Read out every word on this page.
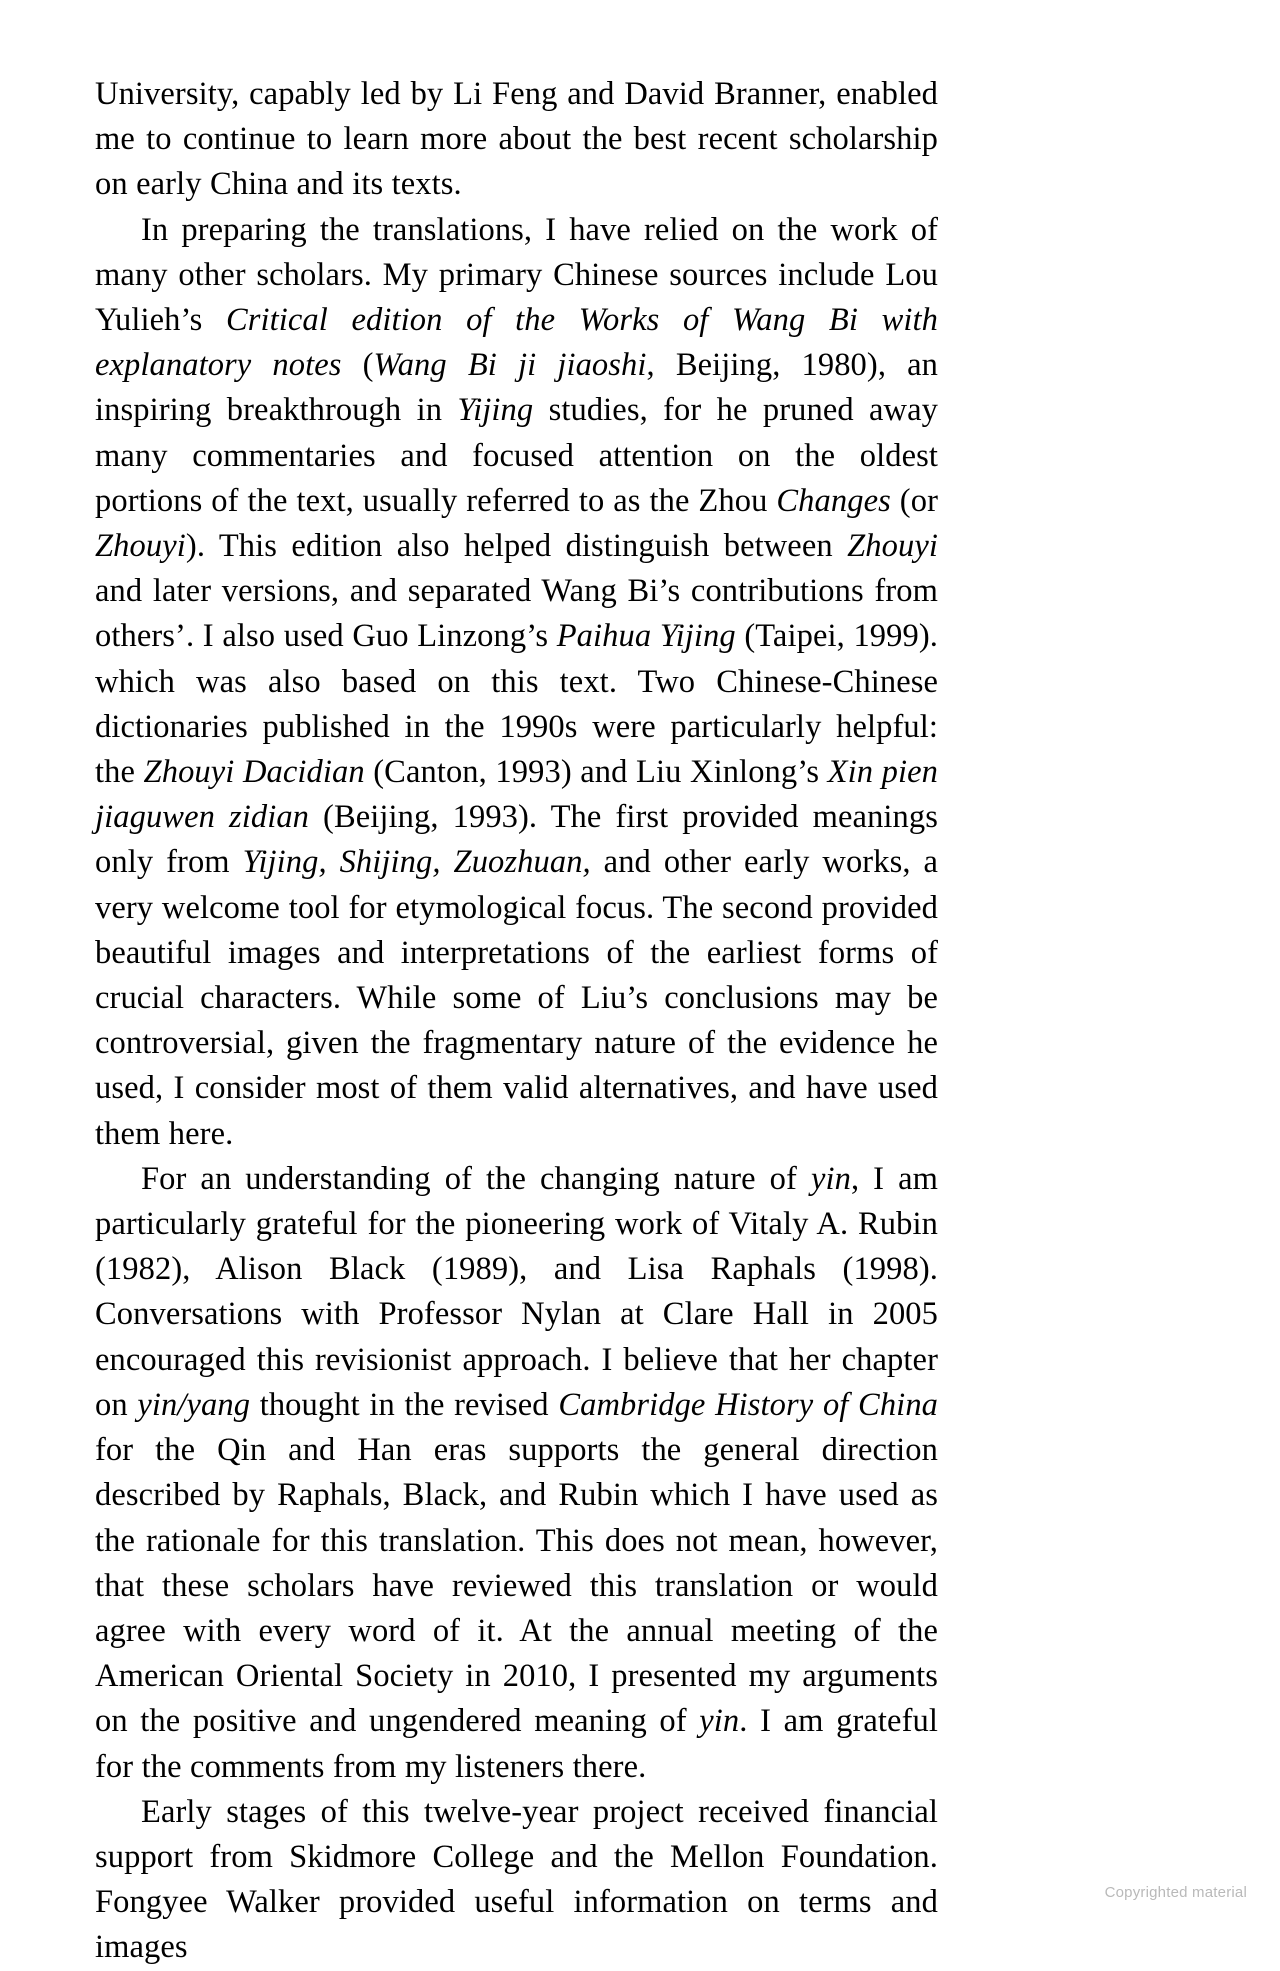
University, capably led by Li Feng and David Branner, enabled me to continue to learn more about the best recent scholarship on early China and its texts.

In preparing the translations, I have relied on the work of many other scholars. My primary Chinese sources include Lou Yulieh’s Critical edition of the Works of Wang Bi with explanatory notes (Wang Bi ji jiaoshi, Beijing, 1980), an inspiring breakthrough in Yijing studies, for he pruned away many commentaries and focused attention on the oldest portions of the text, usually referred to as the Zhou Changes (or Zhouyi). This edition also helped distinguish between Zhouyi and later versions, and separated Wang Bi’s contributions from others’. I also used Guo Linzong’s Paihua Yijing (Taipei, 1999). which was also based on this text. Two Chinese-Chinese dictionaries published in the 1990s were particularly helpful: the Zhouyi Dacidian (Canton, 1993) and Liu Xinlong’s Xin pien jiaguwen zidian (Beijing, 1993). The first provided meanings only from Yijing, Shijing, Zuozhuan, and other early works, a very welcome tool for etymological focus. The second provided beautiful images and interpretations of the earliest forms of crucial characters. While some of Liu’s conclusions may be controversial, given the fragmentary nature of the evidence he used, I consider most of them valid alternatives, and have used them here.

For an understanding of the changing nature of yin, I am particularly grateful for the pioneering work of Vitaly A. Rubin (1982), Alison Black (1989), and Lisa Raphals (1998). Conversations with Professor Nylan at Clare Hall in 2005 encouraged this revisionist approach. I believe that her chapter on yin/yang thought in the revised Cambridge History of China for the Qin and Han eras supports the general direction described by Raphals, Black, and Rubin which I have used as the rationale for this translation. This does not mean, however, that these scholars have reviewed this translation or would agree with every word of it. At the annual meeting of the American Oriental Society in 2010, I presented my arguments on the positive and ungendered meaning of yin. I am grateful for the comments from my listeners there.

Early stages of this twelve-year project received financial support from Skidmore College and the Mellon Foundation. Fongyee Walker provided useful information on terms and images

Copyrighted material
